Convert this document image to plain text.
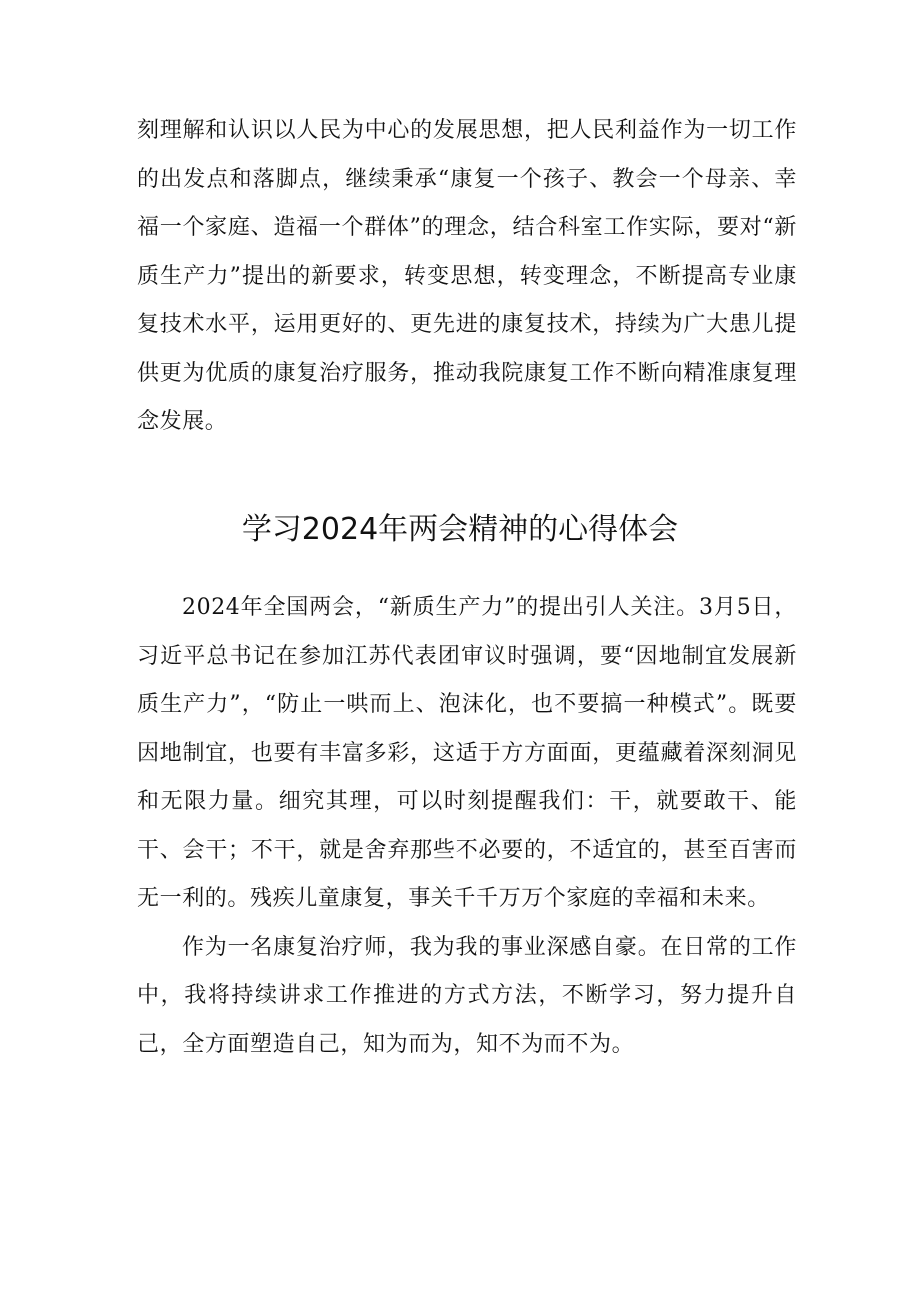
刻理解和认识以人民为中心的发展思想，把人民利益作为一切工作的出发点和落脚点，继续秉承“康复一个孩子、教会一个母亲、幸福一个家庭、造福一个群体”的理念，结合科室工作实际，要对“新质生产力”提出的新要求，转变思想，转变理念，不断提高专业康复技术水平，运用更好的、更先进的康复技术，持续为广大患儿提供更为优质的康复治疗服务，推动我院康复工作不断向精准康复理念发展。

学习2024年两会精神的心得体会

2024年全国两会，“新质生产力”的提出引人关注。3月5日，习近平总书记在参加江苏代表团审议时强调，要“因地制宜发展新质生产力”，“防止一哄而上、泡沫化，也不要搞一种模式”。既要因地制宜，也要有丰富多彩，这适于方方面面，更蕴藏着深刻洞见和无限力量。细究其理，可以时刻提醒我们：干，就要敢干、能干、会干；不干，就是舍弃那些不必要的，不适宜的，甚至百害而无一利的。残疾儿童康复，事关千千万万个家庭的幸福和未来。

作为一名康复治疗师，我为我的事业深感自豪。在日常的工作中，我将持续讲求工作推进的方式方法，不断学习，努力提升自己，全方面塑造自己，知为而为，知不为而不为。
